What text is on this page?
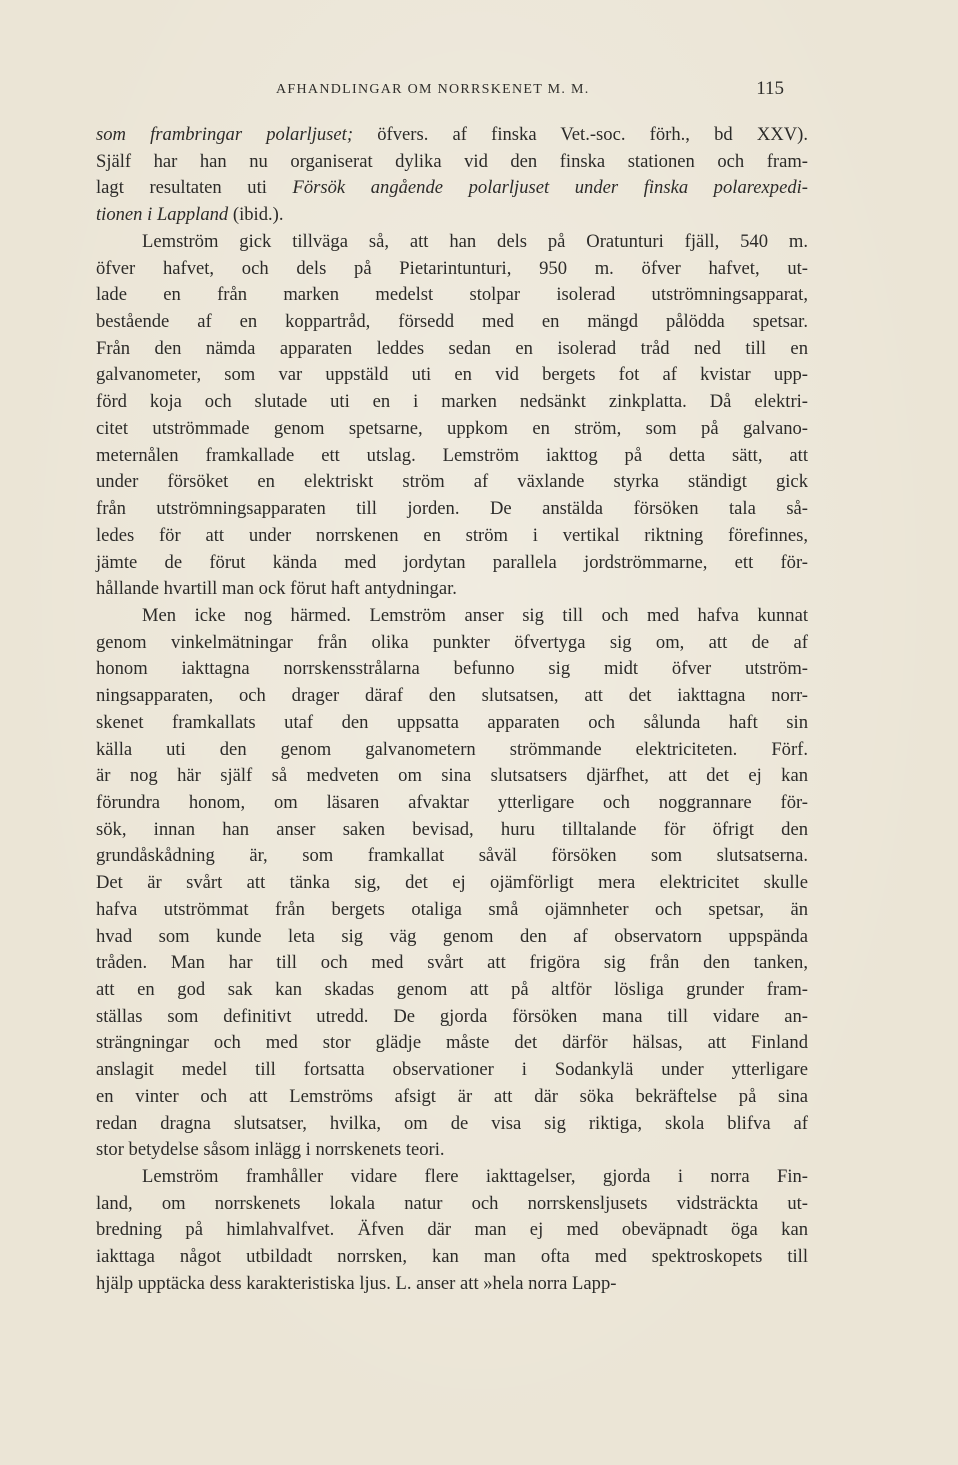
AFHANDLINGAR OM NORRSKENET M. M.	115
som frambringar polarljuset; öfvers. af finska Vet.-soc. förh., bd XXV).
Själf har han nu organiserat dylika vid den finska stationen och fram-
lagt resultaten uti Försök angående polarljuset under finska polarexpedi-
tionen i Lappland (ibid.).
Lemström gick tillväga så, att han dels på Oratunturi fjäll, 540 m.
öfver hafvet, och dels på Pietarintunturi, 950 m. öfver hafvet, ut-
lade en från marken medelst stolpar isolerad utströmningsapparat,
bestående af en koppartråd, försedd med en mängd pålödda spetsar.
Från den nämda apparaten leddes sedan en isolerad tråd ned till en
galvanometer, som var uppstäld uti en vid bergets fot af kvistar upp-
förd koja och slutade uti en i marken nedsänkt zinkplatta. Då elektri-
citet utströmmade genom spetsarne, uppkom en ström, som på galvano-
meternålen framkallade ett utslag. Lemström iakttog på detta sätt, att
under försöket en elektriskt ström af växlande styrka ständigt gick
från utströmningsapparaten till jorden. De anstälda försöken tala så-
ledes för att under norrskenen en ström i vertikal riktning förefinnes,
jämte de förut kända med jordytan parallela jordströmmarne, ett för-
hållande hvartill man ock förut haft antydningar.
Men icke nog härmed. Lemström anser sig till och med hafva kunnat
genom vinkelmätningar från olika punkter öfvertyga sig om, att de af
honom iakttagna norrskensstrålarna befunno sig midt öfver utström-
ningsapparaten, och drager däraf den slutsatsen, att det iakttagna norr-
skenet framkallats utaf den uppsatta apparaten och sålunda haft sin
källa uti den genom galvanometern strömmande elektriciteten. Förf.
är nog här själf så medveten om sina slutsatsers djärfhet, att det ej kan
förundra honom, om läsaren afvaktar ytterligare och noggrannare för-
sök, innan han anser saken bevisad, huru tilltalande för öfrigt den
grundåskådning är, som framkallat såväl försöken som slutsatserna.
Det är svårt att tänka sig, det ej ojämförligt mera elektricitet skulle
hafva utströmmat från bergets otaliga små ojämnheter och spetsar, än
hvad som kunde leta sig väg genom den af observatorn uppspända
tråden. Man har till och med svårt att frigöra sig från den tanken,
att en god sak kan skadas genom att på altför lösliga grunder fram-
ställas som definitivt utredd. De gjorda försöken mana till vidare an-
strängningar och med stor glädje måste det därför hälsas, att Finland
anslagit medel till fortsatta observationer i Sodankylä under ytterligare
en vinter och att Lemströms afsigt är att där söka bekräftelse på sina
redan dragna slutsatser, hvilka, om de visa sig riktiga, skola blifva af
stor betydelse såsom inlägg i norrskenets teori.
Lemström framhåller vidare flere iakttagelser, gjorda i norra Fin-
land, om norrskenets lokala natur och norrskensljusets vidsträckta ut-
bredning på himlahvalfvet. Äfven där man ej med obeväpnadt öga kan
iakttaga något utbildadt norrsken, kan man ofta med spektroskopets till
hjälp upptäcka dess karakteristiska ljus. L. anser att »hela norra Lapp-
